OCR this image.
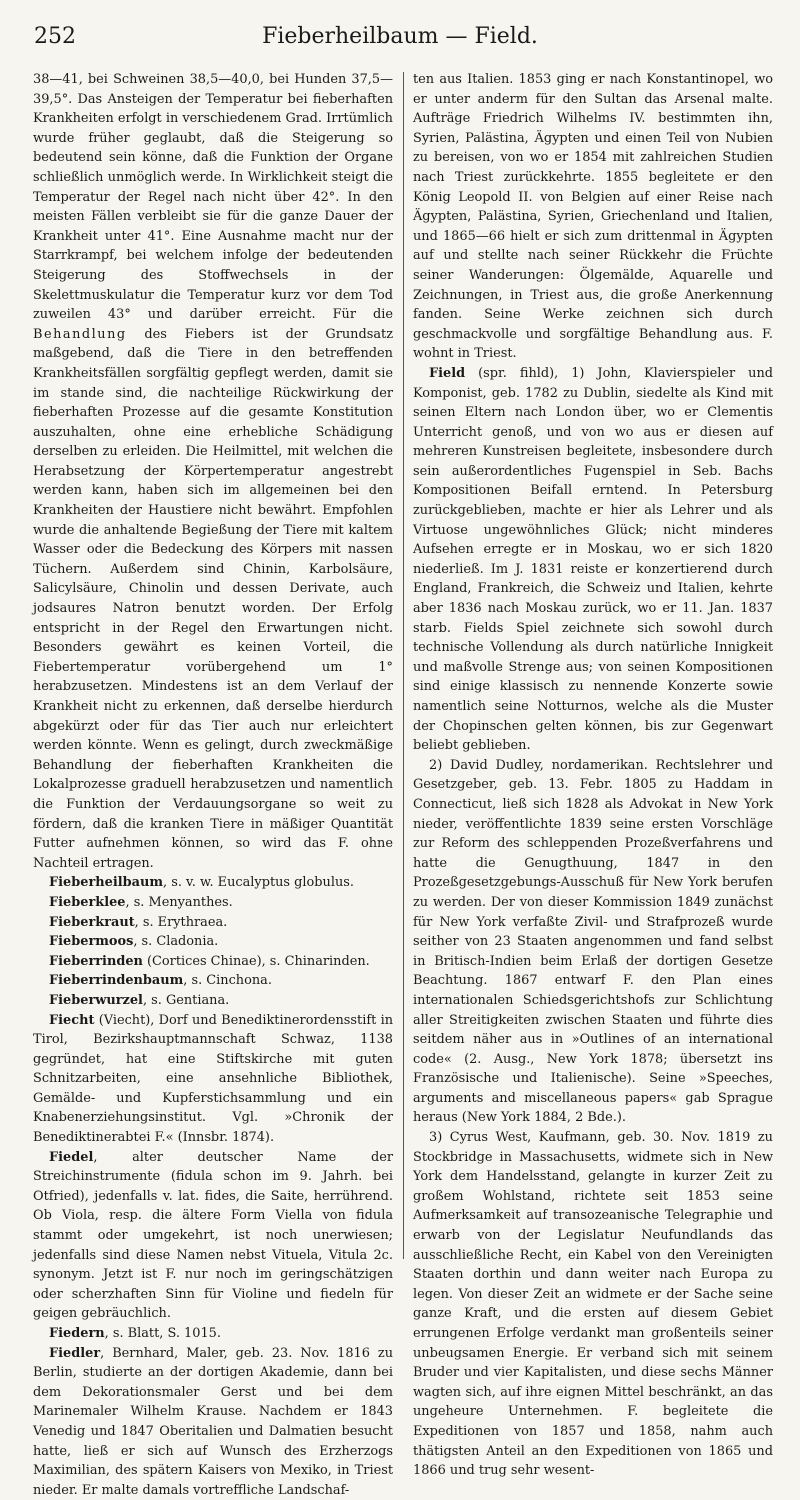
252	Fieberheilbaum — Field.

38—41, bei Schweinen 38,5—40,0, bei Hunden 37,5—39,5°. Das Ansteigen der Temperatur bei fieberhaften Krankheiten erfolgt in verschiedenem Grad. Irrtümlich wurde früher geglaubt, daß die Steigerung so bedeutend sein könne, daß die Funktion der Organe schließlich unmöglich werde. In Wirklichkeit steigt die Temperatur der Regel nach nicht über 42°. In den meisten Fällen verbleibt sie für die ganze Dauer der Krankheit unter 41°. Eine Ausnahme macht nur der Starrkrampf, bei welchem infolge der bedeutenden Steigerung des Stoffwechsels in der Skelettmuskulatur die Temperatur kurz vor dem Tod zuweilen 43° und darüber erreicht. Für die Behandlung des Fiebers ist der Grundsatz maßgebend, daß die Tiere in den betreffenden Krankheitsfällen sorgfältig gepflegt werden, damit sie im stande sind, die nachteilige Rückwirkung der fieberhaften Prozesse auf die gesamte Konstitution auszuhalten, ohne eine erhebliche Schädigung derselben zu erleiden. Die Heilmittel, mit welchen die Herabsetzung der Körpertemperatur angestrebt werden kann, haben sich im allgemeinen bei den Krankheiten der Haustiere nicht bewährt. Empfohlen wurde die anhaltende Begießung der Tiere mit kaltem Wasser oder die Bedeckung des Körpers mit nassen Tüchern. Außerdem sind Chinin, Karbolsäure, Salicylsäure, Chinolin und dessen Derivate, auch jodsaures Natron benutzt worden. Der Erfolg entspricht in der Regel den Erwartungen nicht. Besonders gewährt es keinen Vorteil, die Fiebertemperatur vorübergehend um 1° herabzusetzen. Mindestens ist an dem Verlauf der Krankheit nicht zu erkennen, daß derselbe hierdurch abgekürzt oder für das Tier auch nur erleichtert werden könnte. Wenn es gelingt, durch zweckmäßige Behandlung der fieberhaften Krankheiten die Lokalprozesse graduell herabzusetzen und namentlich die Funktion der Verdauungsorgane so weit zu fördern, daß die kranken Tiere in mäßiger Quantität Futter aufnehmen können, so wird das F. ohne Nachteil ertragen.

Fieberheilbaum, s. v. w. Eucalyptus globulus.

Fieberklee, s. Menyanthes.

Fieberkraut, s. Erythraea.

Fiebermoos, s. Cladonia.

Fieberrinden (Cortices Chinae), s. Chinarinden.

Fieberrindenbaum, s. Cinchona.

Fieberwurzel, s. Gentiana.

Fiecht (Viecht), Dorf und Benediktinerordensstift in Tirol, Bezirkshauptmannschaft Schwaz, 1138 gegründet, hat eine Stiftskirche mit guten Schnitzarbeiten, eine ansehnliche Bibliothek, Gemälde- und Kupferstichsammlung und ein Knabenerziehungsinstitut. Vgl. »Chronik der Benediktinerabtei F.« (Innsbr. 1874).

Fiedel, alter deutscher Name der Streichinstrumente (fidula schon im 9. Jahrh. bei Otfried), jedenfalls v. lat. fides, die Saite, herrührend. Ob Viola, resp. die ältere Form Viella von fidula stammt oder umgekehrt, ist noch unerwiesen; jedenfalls sind diese Namen nebst Vituela, Vitula 2c. synonym. Jetzt ist F. nur noch im geringschätzigen oder scherzhaften Sinn für Violine und fiedeln für geigen gebräuchlich.

Fiedern, s. Blatt, S. 1015.

Fiedler, Bernhard, Maler, geb. 23. Nov. 1816 zu Berlin, studierte an der dortigen Akademie, dann bei dem Dekorationsmaler Gerst und bei dem Marinemaler Wilhelm Krause. Nachdem er 1843 Venedig und 1847 Oberitalien und Dalmatien besucht hatte, ließ er sich auf Wunsch des Erzherzogs Maximilian, des spätern Kaisers von Mexiko, in Triest nieder. Er malte damals vortreffliche Landschaf-

ten aus Italien. 1853 ging er nach Konstantinopel, wo er unter anderm für den Sultan das Arsenal malte. Aufträge Friedrich Wilhelms IV. bestimmten ihn, Syrien, Palästina, Ägypten und einen Teil von Nubien zu bereisen, von wo er 1854 mit zahlreichen Studien nach Triest zurückkehrte. 1855 begleitete er den König Leopold II. von Belgien auf einer Reise nach Ägypten, Palästina, Syrien, Griechenland und Italien, und 1865—66 hielt er sich zum drittenmal in Ägypten auf und stellte nach seiner Rückkehr die Früchte seiner Wanderungen: Ölgemälde, Aquarelle und Zeichnungen, in Triest aus, die große Anerkennung fanden. Seine Werke zeichnen sich durch geschmackvolle und sorgfältige Behandlung aus. F. wohnt in Triest.

Field (spr. fihld), 1) John, Klavierspieler und Komponist, geb. 1782 zu Dublin, siedelte als Kind mit seinen Eltern nach London über, wo er Clementis Unterricht genoß, und von wo aus er diesen auf mehreren Kunstreisen begleitete, insbesondere durch sein außerordentliches Fugenspiel in Seb. Bachs Kompositionen Beifall erntend. In Petersburg zurückgeblieben, machte er hier als Lehrer und als Virtuose ungewöhnliches Glück; nicht minderes Aufsehen erregte er in Moskau, wo er sich 1820 niederließ. Im J. 1831 reiste er konzertierend durch England, Frankreich, die Schweiz und Italien, kehrte aber 1836 nach Moskau zurück, wo er 11. Jan. 1837 starb. Fields Spiel zeichnete sich sowohl durch technische Vollendung als durch natürliche Innigkeit und maßvolle Strenge aus; von seinen Kompositionen sind einige klassisch zu nennende Konzerte sowie namentlich seine Notturnos, welche als die Muster der Chopinschen gelten können, bis zur Gegenwart beliebt geblieben.

2) David Dudley, nordamerikan. Rechtslehrer und Gesetzgeber, geb. 13. Febr. 1805 zu Haddam in Connecticut, ließ sich 1828 als Advokat in New York nieder, veröffentlichte 1839 seine ersten Vorschläge zur Reform des schleppenden Prozeßverfahrens und hatte die Genugthuung, 1847 in den Prozeßgesetzgebungs-Ausschuß für New York berufen zu werden. Der von dieser Kommission 1849 zunächst für New York verfaßte Zivil- und Strafprozeß wurde seither von 23 Staaten angenommen und fand selbst in Britisch-Indien beim Erlaß der dortigen Gesetze Beachtung. 1867 entwarf F. den Plan eines internationalen Schiedsgerichtshofs zur Schlichtung aller Streitigkeiten zwischen Staaten und führte dies seitdem näher aus in »Outlines of an international code« (2. Ausg., New York 1878; übersetzt ins Französische und Italienische). Seine »Speeches, arguments and miscellaneous papers« gab Sprague heraus (New York 1884, 2 Bde.).

3) Cyrus West, Kaufmann, geb. 30. Nov. 1819 zu Stockbridge in Massachusetts, widmete sich in New York dem Handelsstand, gelangte in kurzer Zeit zu großem Wohlstand, richtete seit 1853 seine Aufmerksamkeit auf transozeanische Telegraphie und erwarb von der Legislatur Neufundlands das ausschließliche Recht, ein Kabel von den Vereinigten Staaten dorthin und dann weiter nach Europa zu legen. Von dieser Zeit an widmete er der Sache seine ganze Kraft, und die ersten auf diesem Gebiet errungenen Erfolge verdankt man großenteils seiner unbeugsamen Energie. Er verband sich mit seinem Bruder und vier Kapitalisten, und diese sechs Männer wagten sich, auf ihre eignen Mittel beschränkt, an das ungeheure Unternehmen. F. begleitete die Expeditionen von 1857 und 1858, nahm auch thätigsten Anteil an den Expeditionen von 1865 und 1866 und trug sehr wesent-
